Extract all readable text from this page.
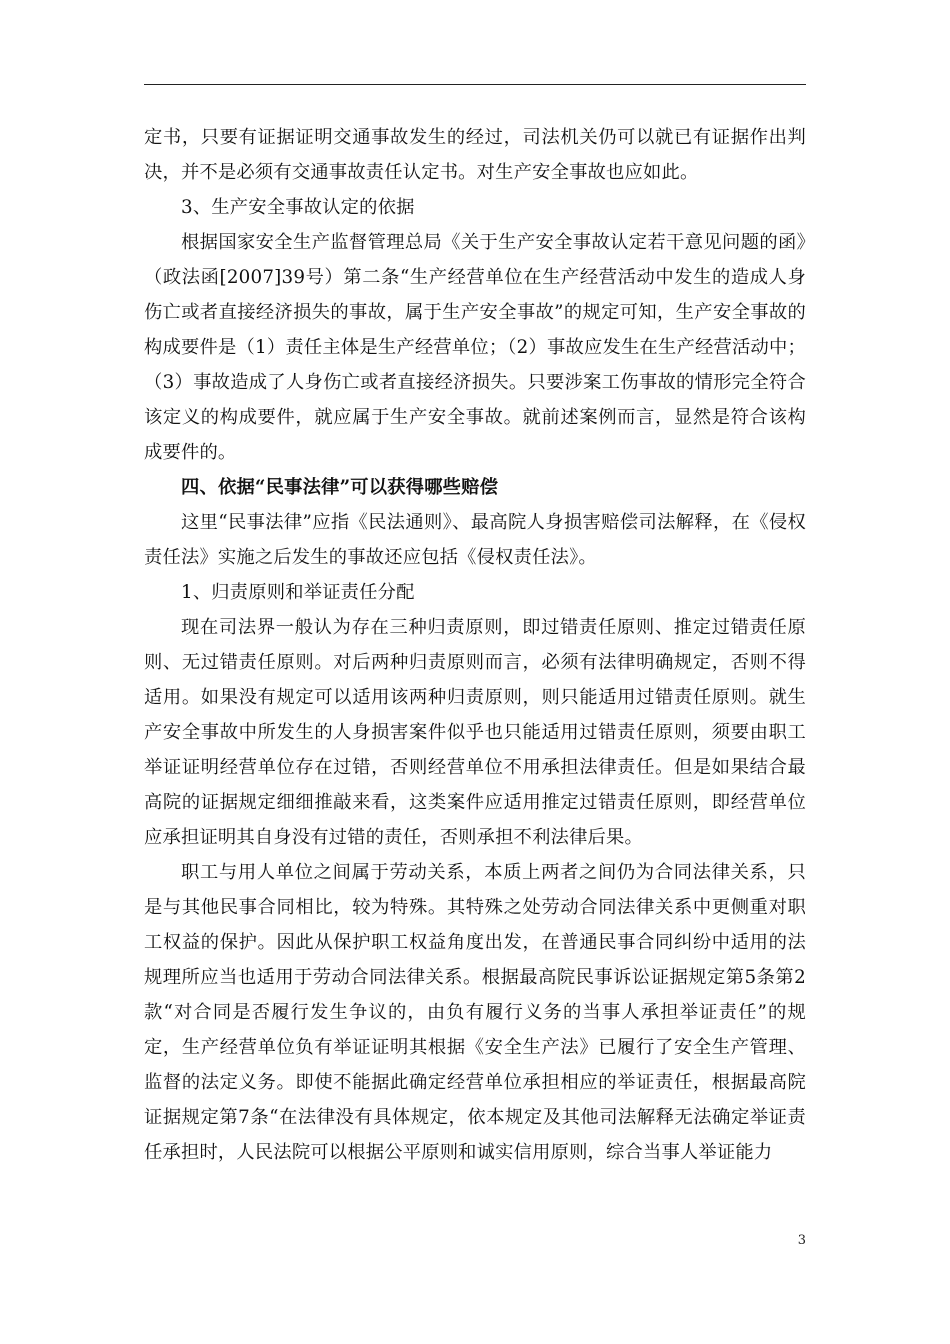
定书，只要有证据证明交通事故发生的经过，司法机关仍可以就已有证据作出判决，并不是必须有交通事故责任认定书。对生产安全事故也应如此。

3、生产安全事故认定的依据

根据国家安全生产监督管理总局《关于生产安全事故认定若干意见问题的函》（政法函[2007]39号）第二条“生产经营单位在生产经营活动中发生的造成人身伤亡或者直接经济损失的事故，属于生产安全事故”的规定可知，生产安全事故的构成要件是（1）责任主体是生产经营单位；（2）事故应发生在生产经营活动中；（3）事故造成了人身伤亡或者直接经济损失。只要涉案工伤事故的情形完全符合该定义的构成要件，就应属于生产安全事故。就前述案例而言，显然是符合该构成要件的。

四、依据“民事法律”可以获得哪些赔偿

这里“民事法律”应指《民法通则》、最高院人身损害赔偿司法解释，在《侵权责任法》实施之后发生的事故还应包括《侵权责任法》。

1、归责原则和举证责任分配

现在司法界一般认为存在三种归责原则，即过错责任原则、推定过错责任原则、无过错责任原则。对后两种归责原则而言，必须有法律明确规定，否则不得适用。如果没有规定可以适用该两种归责原则，则只能适用过错责任原则。就生产安全事故中所发生的人身损害案件似乎也只能适用过错责任原则，须要由职工举证证明经营单位存在过错，否则经营单位不用承担法律责任。但是如果结合最高院的证据规定细细推敲来看，这类案件应适用推定过错责任原则，即经营单位应承担证明其自身没有过错的责任，否则承担不利法律后果。

职工与用人单位之间属于劳动关系，本质上两者之间仍为合同法律关系，只是与其他民事合同相比，较为特殊。其特殊之处劳动合同法律关系中更侧重对职工权益的保护。因此从保护职工权益角度出发，在普通民事合同纠纷中适用的法规理所应当也适用于劳动合同法律关系。根据最高院民事诉讼证据规定第5条第2款“对合同是否履行发生争议的，由负有履行义务的当事人承担举证责任”的规定，生产经营单位负有举证证明其根据《安全生产法》已履行了安全生产管理、监督的法定义务。即使不能据此确定经营单位承担相应的举证责任，根据最高院证据规定第7条“在法律没有具体规定，依本规定及其他司法解释无法确定举证责任承担时，人民法院可以根据公平原则和诚实信用原则，综合当事人举证能力

3
